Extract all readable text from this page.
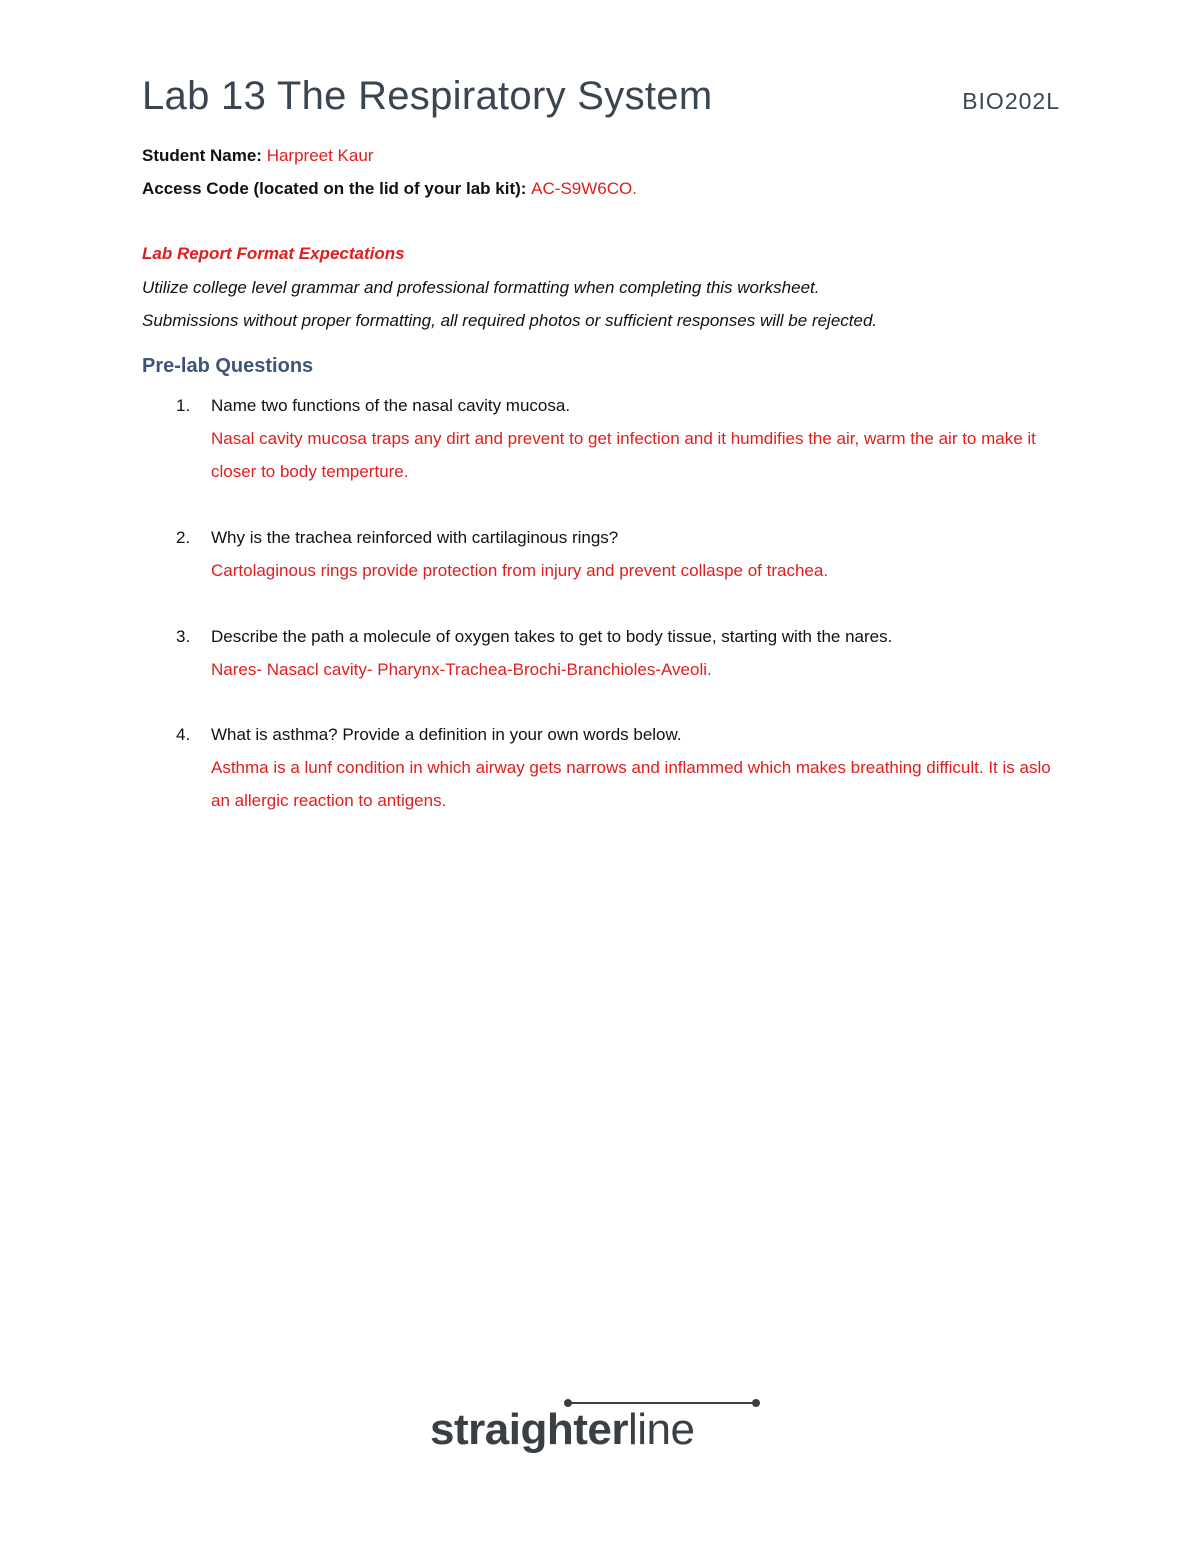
Lab 13 The Respiratory System	BIO202L
Student Name: Harpreet Kaur
Access Code (located on the lid of your lab kit): AC-S9W6CO.
Lab Report Format Expectations
Utilize college level grammar and professional formatting when completing this worksheet.
Submissions without proper formatting, all required photos or sufficient responses will be rejected.
Pre-lab Questions
1. Name two functions of the nasal cavity mucosa.
Nasal cavity mucosa traps any dirt and prevent to get infection and it humdifies the air, warm the air to make it closer to body temperture.
2. Why is the trachea reinforced with cartilaginous rings?
Cartolaginous rings provide protection from injury and prevent collaspe of trachea.
3. Describe the path a molecule of oxygen takes to get to body tissue, starting with the nares.
Nares- Nasacl cavity- Pharynx-Trachea-Brochi-Branchioles-Aveoli.
4. What is asthma? Provide a definition in your own words below.
Asthma is a lunf condition in which airway gets narrows and inflammed which makes breathing difficult. It is aslo an allergic reaction to antigens.
straighterline
